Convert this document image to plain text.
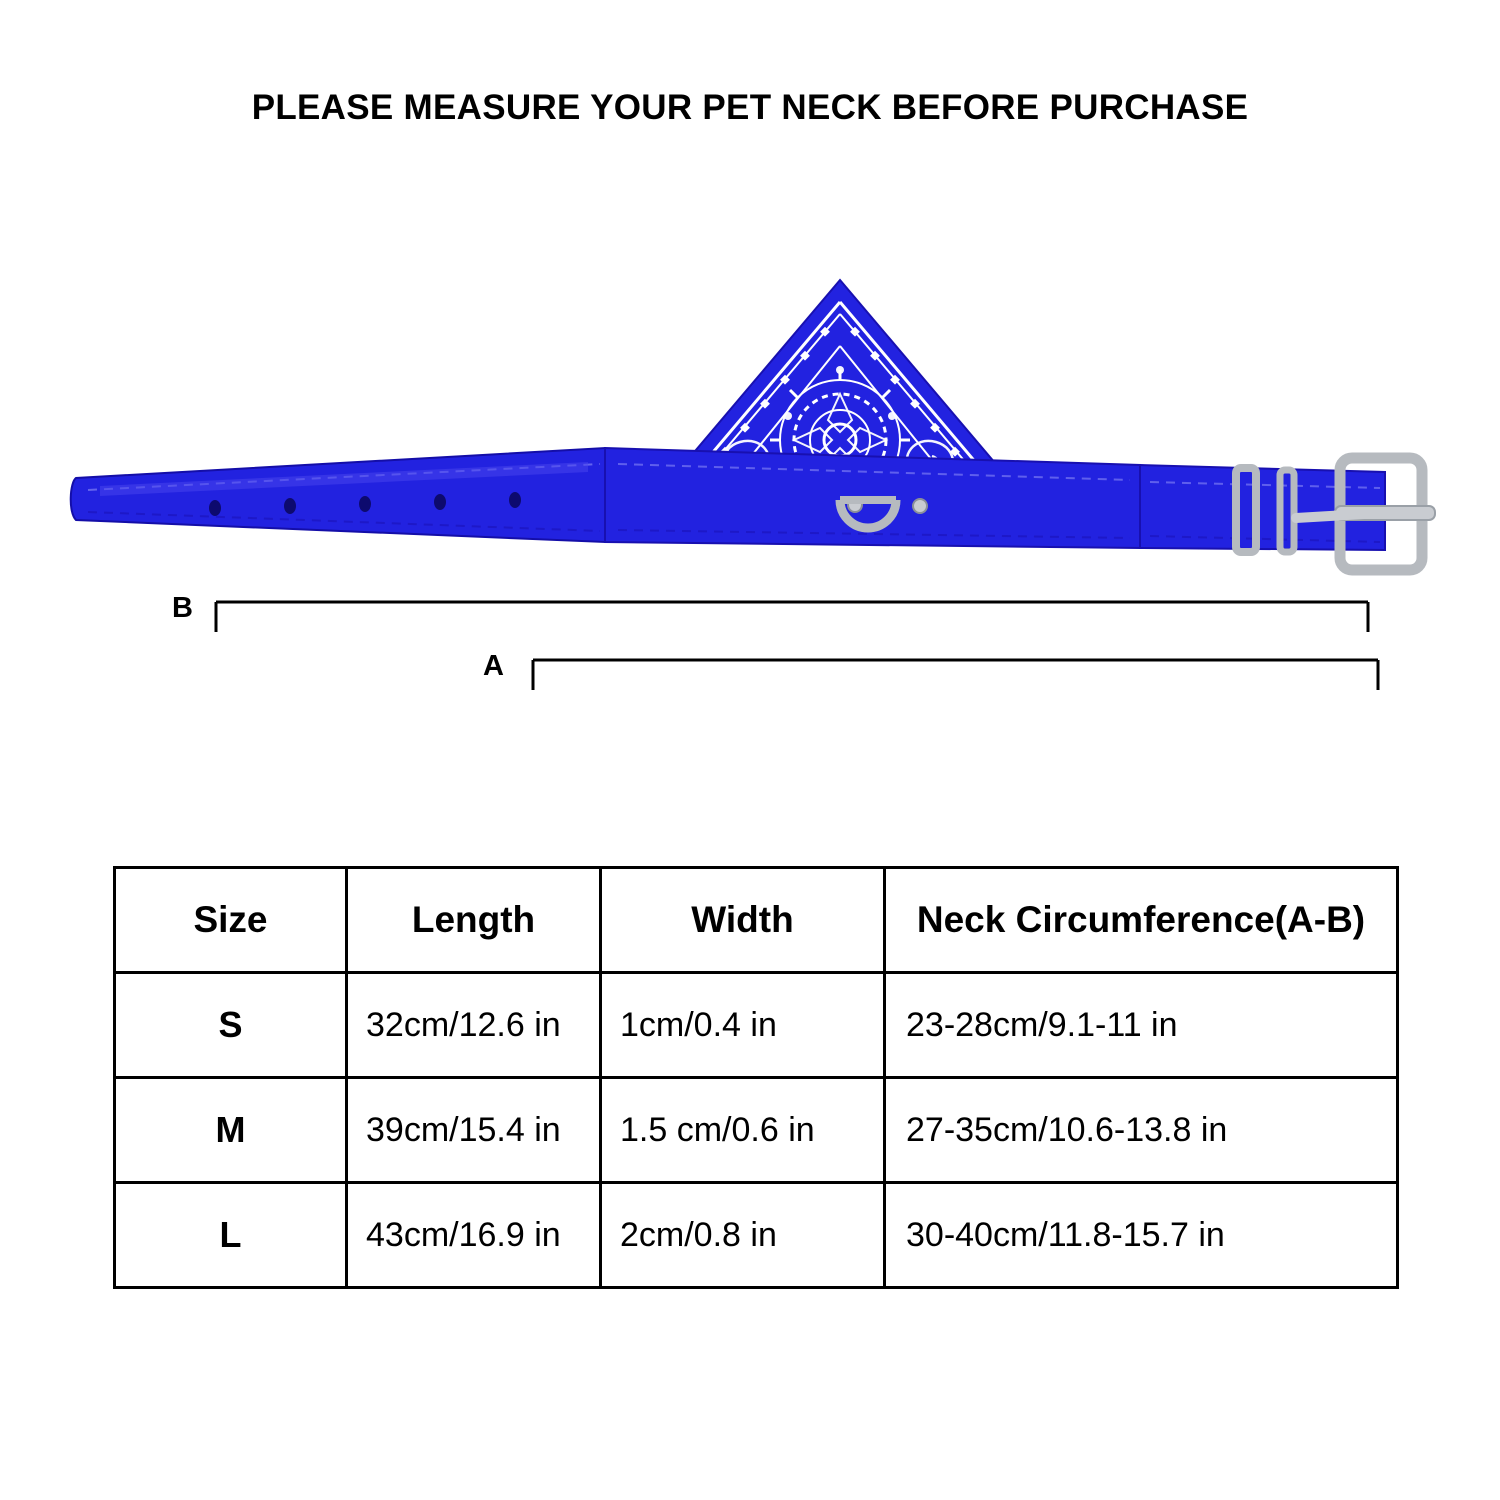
PLEASE MEASURE YOUR PET NECK BEFORE PURCHASE
B
A
Size	Length	Width	Neck Circumference(A-B)
S	32cm/12.6 in	1cm/0.4 in	23-28cm/9.1-11 in
M	39cm/15.4 in	1.5 cm/0.6 in	27-35cm/10.6-13.8 in
L	43cm/16.9 in	2cm/0.8 in	30-40cm/11.8-15.7 in
